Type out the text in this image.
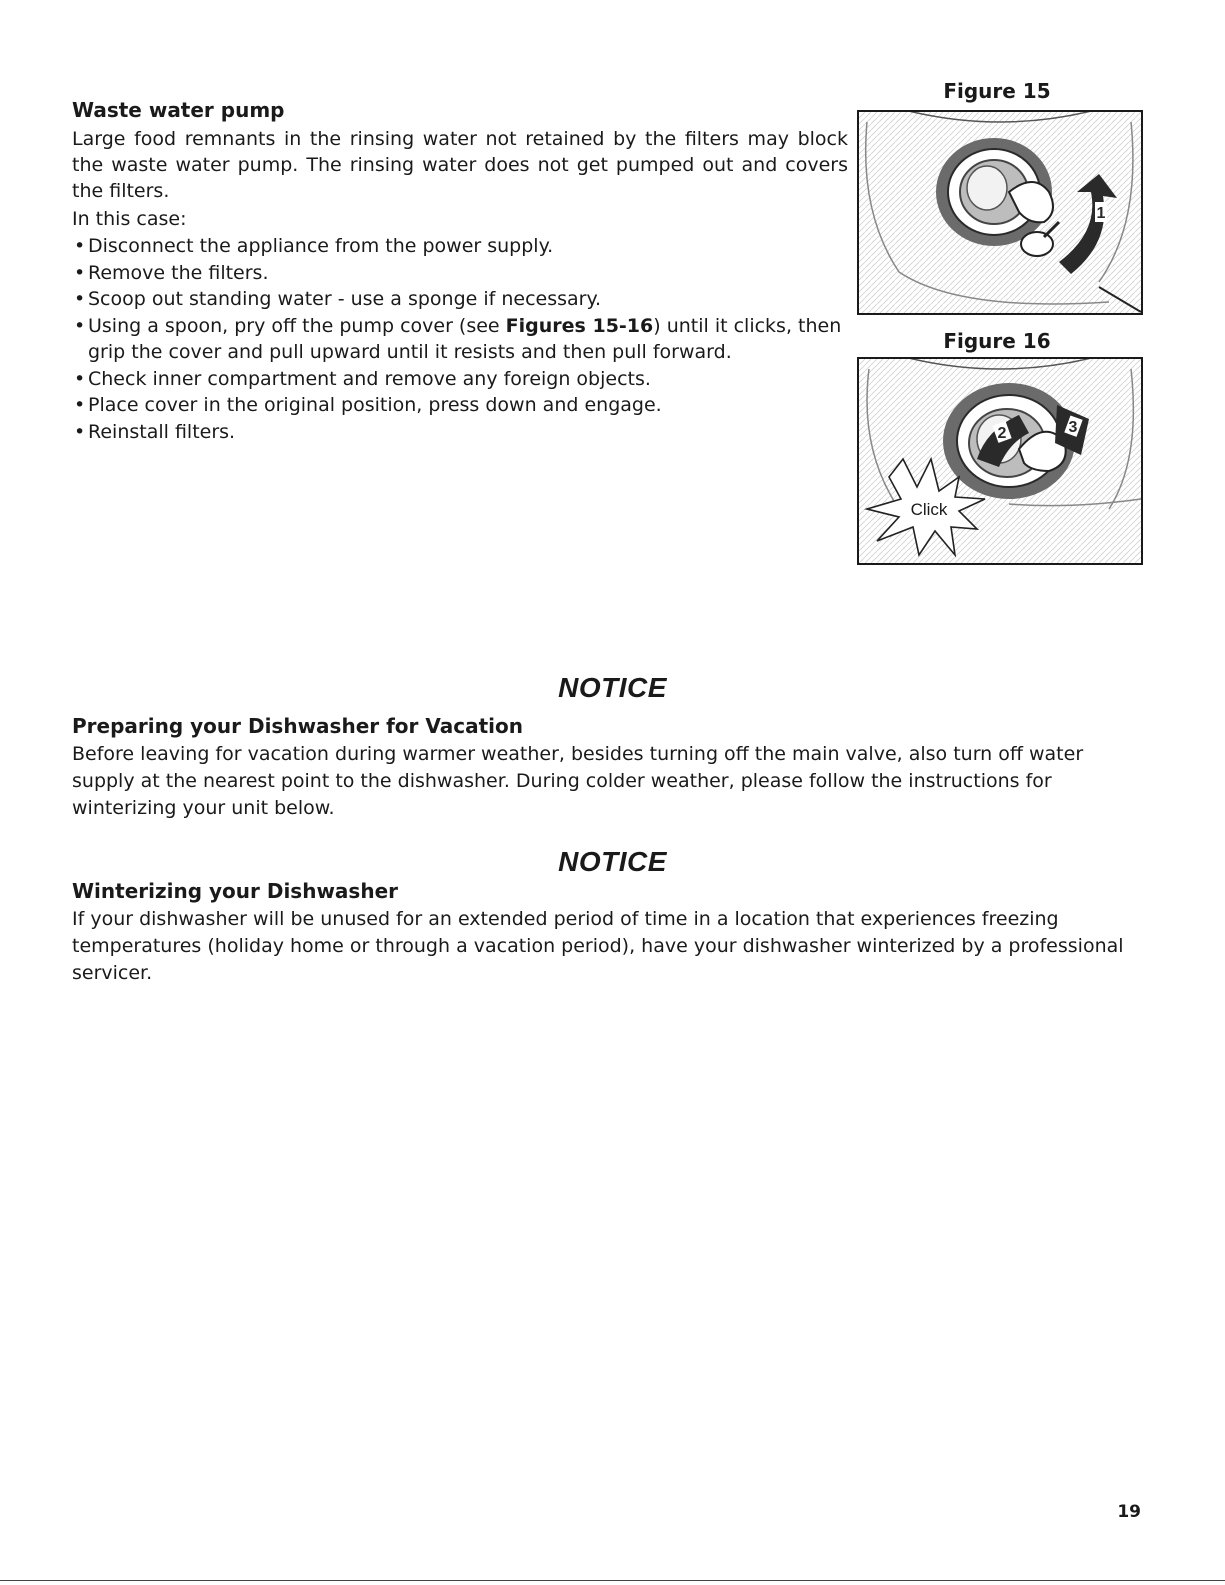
Waste water pump

Large food remnants in the rinsing water not retained by the filters may block the waste water pump. The rinsing water does not get pumped out and covers the filters.

In this case:

• Disconnect the appliance from the power supply.
• Remove the filters.
• Scoop out standing water - use a sponge if necessary.
• Using a spoon, pry off the pump cover (see Figures 15-16) until it clicks, then grip the cover and pull upward until it resists and then pull forward.
• Check inner compartment and remove any foreign objects.
• Place cover in the original position, press down and engage.
• Reinstall filters.

Figure 15

1

Figure 16

2	3
Click

NOTICE

Preparing your Dishwasher for Vacation

Before leaving for vacation during warmer weather, besides turning off the main valve, also turn off water supply at the nearest point to the dishwasher. During colder weather, please follow the instructions for winterizing your unit below.

NOTICE

Winterizing your Dishwasher

If your dishwasher will be unused for an extended period of time in a location that experiences freezing temperatures (holiday home or through a vacation period), have your dishwasher winterized by a professional servicer.

19
